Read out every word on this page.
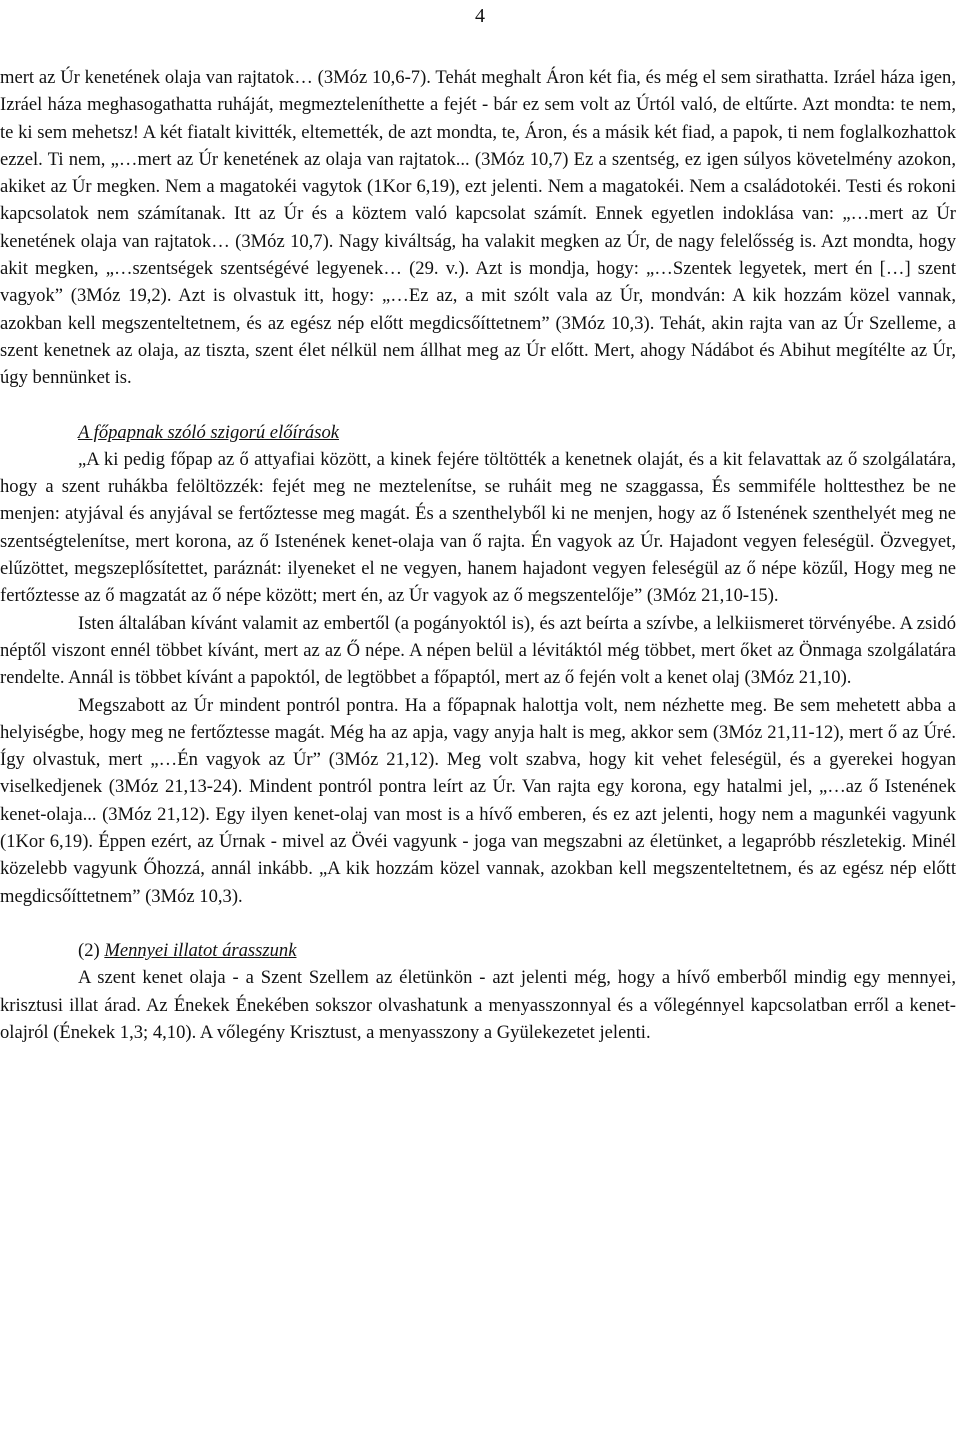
4

mert az Úr kenetének olaja van rajtatok… (3Móz 10,6-7). Tehát meghalt Áron két fia, és még el sem sirathatta. Izráel háza igen, Izráel háza meghasogathatta ruháját, megmezteleníthette a fejét - bár ez sem volt az Úrtól való, de eltűrte. Azt mondta: te nem, te ki sem mehetsz! A két fiatalt kivitték, eltemették, de azt mondta, te, Áron, és a másik két fiad, a papok, ti nem foglalkozhattok ezzel. Ti nem, „…mert az Úr kenetének az olaja van rajtatok... (3Móz 10,7) Ez a szentség, ez igen súlyos követelmény azokon, akiket az Úr megken. Nem a magatokéi vagytok (1Kor 6,19), ezt jelenti. Nem a magatokéi. Nem a családotokéi. Testi és rokoni kapcsolatok nem számítanak. Itt az Úr és a köztem való kapcsolat számít. Ennek egyetlen indoklása van: „…mert az Úr kenetének olaja van rajtatok… (3Móz 10,7). Nagy kiváltság, ha valakit megken az Úr, de nagy felelősség is. Azt mondta, hogy akit megken, „…szentségek szentségévé legyenek… (29. v.). Azt is mondja, hogy: „…Szentek legyetek, mert én […] szent vagyok” (3Móz 19,2). Azt is olvastuk itt, hogy: „…Ez az, a mit szólt vala az Úr, mondván: A kik hozzám közel vannak, azokban kell megszenteltetnem, és az egész nép előtt megdicsőíttetnem” (3Móz 10,3). Tehát, akin rajta van az Úr Szelleme, a szent kenetnek az olaja, az tiszta, szent élet nélkül nem állhat meg az Úr előtt. Mert, ahogy Nádábot és Abihut megítélte az Úr, úgy bennünket is.

A főpapnak szóló szigorú előírások

„A ki pedig főpap az ő attyafiai között, a kinek fejére töltötték a kenetnek olaját, és a kit felavattak az ő szolgálatára, hogy a szent ruhákba felöltözzék: fejét meg ne meztelenítse, se ruháit meg ne szaggassa, És semmiféle holttesthez be ne menjen: atyjával és anyjával se fertőztesse meg magát. És a szenthelyből ki ne menjen, hogy az ő Istenének szenthelyét meg ne szentségtelenítse, mert korona, az ő Istenének kenet-olaja van ő rajta. Én vagyok az Úr. Hajadont vegyen feleségül. Özvegyet, elűzöttet, megszeplősítettet, paráznát: ilyeneket el ne vegyen, hanem hajadont vegyen feleségül az ő népe közűl, Hogy meg ne fertőztesse az ő magzatát az ő népe között; mert én, az Úr vagyok az ő megszentelője” (3Móz 21,10-15).

Isten általában kívánt valamit az embertől (a pogányoktól is), és azt beírta a szívbe, a lelkiismeret törvényébe. A zsidó néptől viszont ennél többet kívánt, mert az az Ő népe. A népen belül a lévitáktól még többet, mert őket az Önmaga szolgálatára rendelte. Annál is többet kívánt a papoktól, de legtöbbet a főpaptól, mert az ő fején volt a kenet olaj (3Móz 21,10).

Megszabott az Úr mindent pontról pontra. Ha a főpapnak halottja volt, nem nézhette meg. Be sem mehetett abba a helyiségbe, hogy meg ne fertőztesse magát. Még ha az apja, vagy anyja halt is meg, akkor sem (3Móz 21,11-12), mert ő az Úré. Így olvastuk, mert „…Én vagyok az Úr” (3Móz 21,12). Meg volt szabva, hogy kit vehet feleségül, és a gyerekei hogyan viselkedjenek (3Móz 21,13-24). Mindent pontról pontra leírt az Úr. Van rajta egy korona, egy hatalmi jel, „…az ő Istenének kenet-olaja... (3Móz 21,12). Egy ilyen kenet-olaj van most is a hívő emberen, és ez azt jelenti, hogy nem a magunkéi vagyunk (1Kor 6,19). Éppen ezért, az Úrnak - mivel az Övéi vagyunk - joga van megszabni az életünket, a legapróbb részletekig. Minél közelebb vagyunk Őhozzá, annál inkább. „A kik hozzám közel vannak, azokban kell megszenteltetnem, és az egész nép előtt megdicsőíttetnem” (3Móz 10,3).

(2) Mennyei illatot árasszunk

A szent kenet olaja - a Szent Szellem az életünkön - azt jelenti még, hogy a hívő emberből mindig egy mennyei, krisztusi illat árad. Az Énekek Énekében sokszor olvashatunk a menyasszonnyal és a vőlegénnyel kapcsolatban erről a kenet-olajról (Énekek 1,3; 4,10). A vőlegény Krisztust, a menyasszony a Gyülekezetet jelenti.
